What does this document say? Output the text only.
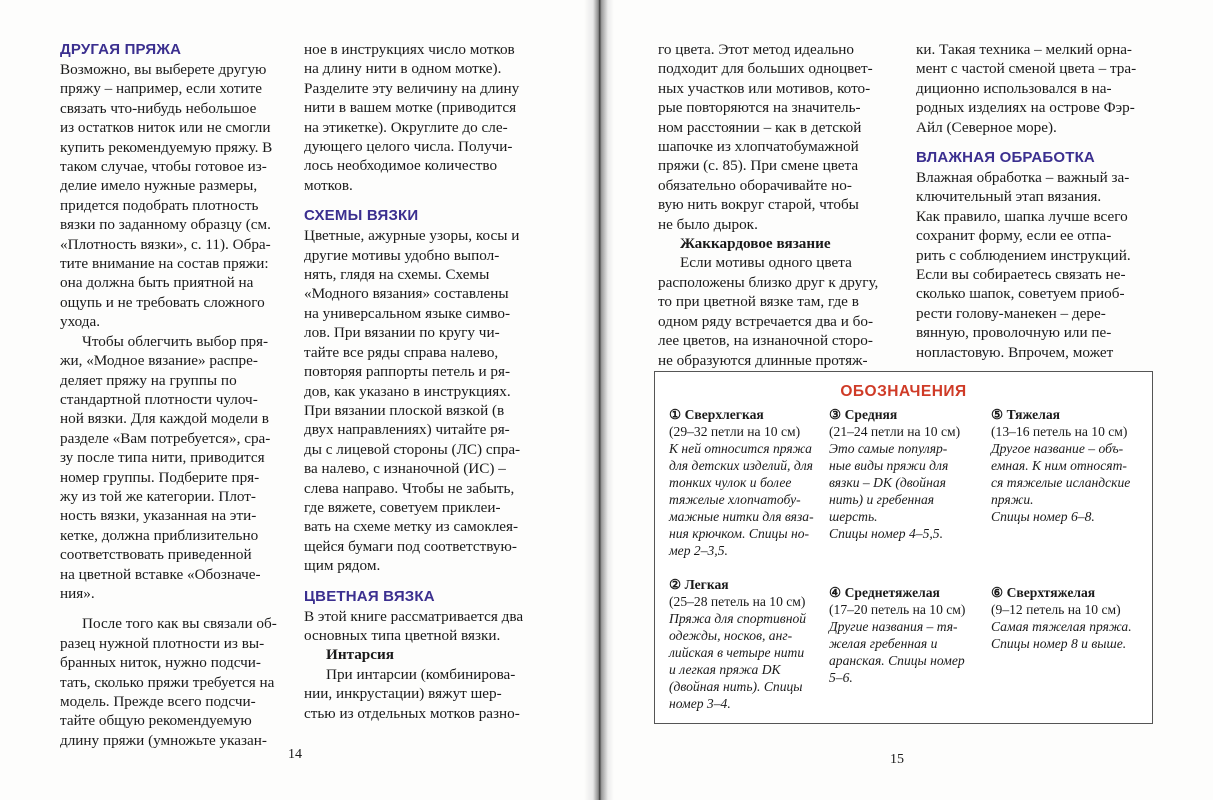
ДРУГАЯ ПРЯЖА

Возможно, вы выберете другую

пряжу – например, если хотите

связать что-нибудь небольшое

из остатков ниток или не смогли

купить рекомендуемую пряжу. В

таком случае, чтобы готовое из-

делие имело нужные размеры,

придется подобрать плотность

вязки по заданному образцу (см.

«Плотность вязки», с. 11). Обра-

тите внимание на состав пряжи:

она должна быть приятной на

ощупь и не требовать сложного

ухода.

Чтобы облегчить выбор пря-

жи, «Модное вязание» распре-

деляет пряжу на группы по

стандартной плотности чулоч-

ной вязки. Для каждой модели в

разделе «Вам потребуется», сра-

зу после типа нити, приводится

номер группы. Подберите пря-

жу из той же категории. Плот-

ность вязки, указанная на эти-

кетке, должна приблизительно

соответствовать приведенной

на цветной вставке «Обозначе-

ния».

После того как вы связали об-

разец нужной плотности из вы-

бранных ниток, нужно подсчи-

тать, сколько пряжи требуется на

модель. Прежде всего подсчи-

тайте общую рекомендуемую

длину пряжи (умножьте указан-

ное в инструкциях число мотков

на длину нити в одном мотке).

Разделите эту величину на длину

нити в вашем мотке (приводится

на этикетке). Округлите до сле-

дующего целого числа. Получи-

лось необходимое количество

мотков.

СХЕМЫ ВЯЗКИ

Цветные, ажурные узоры, косы и

другие мотивы удобно выпол-

нять, глядя на схемы. Схемы

«Модного вязания» составлены

на универсальном языке симво-

лов. При вязании по кругу чи-

тайте все ряды справа налево,

повторяя раппорты петель и ря-

дов, как указано в инструкциях.

При вязании плоской вязкой (в

двух направлениях) читайте ря-

ды с лицевой стороны (ЛС) спра-

ва налево, с изнаночной (ИС) –

слева направо. Чтобы не забыть,

где вяжете, советуем приклеи-

вать на схеме метку из самоклея-

щейся бумаги под соответствую-

щим рядом.

ЦВЕТНАЯ ВЯЗКА

В этой книге рассматривается два

основных типа цветной вязки.

Интарсия

При интарсии (комбинирова-

нии, инкрустации) вяжут шер-

стью из отдельных мотков разно-

14

го цвета. Этот метод идеально

подходит для больших одноцвет-

ных участков или мотивов, кото-

рые повторяются на значитель-

ном расстоянии – как в детской

шапочке из хлопчатобумажной

пряжи (с. 85). При смене цвета

обязательно оборачивайте но-

вую нить вокруг старой, чтобы

не было дырок.

Жаккардовое вязание

Если мотивы одного цвета

расположены близко друг к другу,

то при цветной вязке там, где в

одном ряду встречается два и бо-

лее цветов, на изнаночной сторо-

не образуются длинные протяж-

ки. Такая техника – мелкий орна-

мент с частой сменой цвета – тра-

диционно использовался в на-

родных изделиях на острове Фэр-

Айл (Северное море).

ВЛАЖНАЯ ОБРАБОТКА

Влажная обработка – важный за-

ключительный этап вязания.

Как правило, шапка лучше всего

сохранит форму, если ее отпа-

рить с соблюдением инструкций.

Если вы собираетесь связать не-

сколько шапок, советуем приоб-

рести голову-манекен – дере-

вянную, проволочную или пе-

нопластовую. Впрочем, может

ОБОЗНАЧЕНИЯ

① Сверхлегкая

(29–32 петли на 10 см)

К ней относится пряжа

для детских изделий, для

тонких чулок и более

тяжелые хлопчатобу-

мажные нитки для вяза-

ния крючком. Спицы но-

мер 2–3,5.

③ Средняя

(21–24 петли на 10 см)

Это самые популяр-

ные виды пряжи для

вязки – DK (двойная

нить) и гребенная

шерсть.

Спицы номер 4–5,5.

⑤ Тяжелая

(13–16 петель на 10 см)

Другое название – объ-

емная. К ним относят-

ся тяжелые исландские

пряжи.

Спицы номер 6–8.

② Легкая

(25–28 петель на 10 см)

Пряжа для спортивной

одежды, носков, анг-

лийская в четыре нити

и легкая пряжа DK

(двойная нить). Спицы

номер 3–4.

④ Среднетяжелая

(17–20 петель на 10 см)

Другие названия – тя-

желая гребенная и

аранская. Спицы номер

5–6.

⑥ Сверхтяжелая

(9–12 петель на 10 см)

Самая тяжелая пряжа.

Спицы номер 8 и выше.

15
